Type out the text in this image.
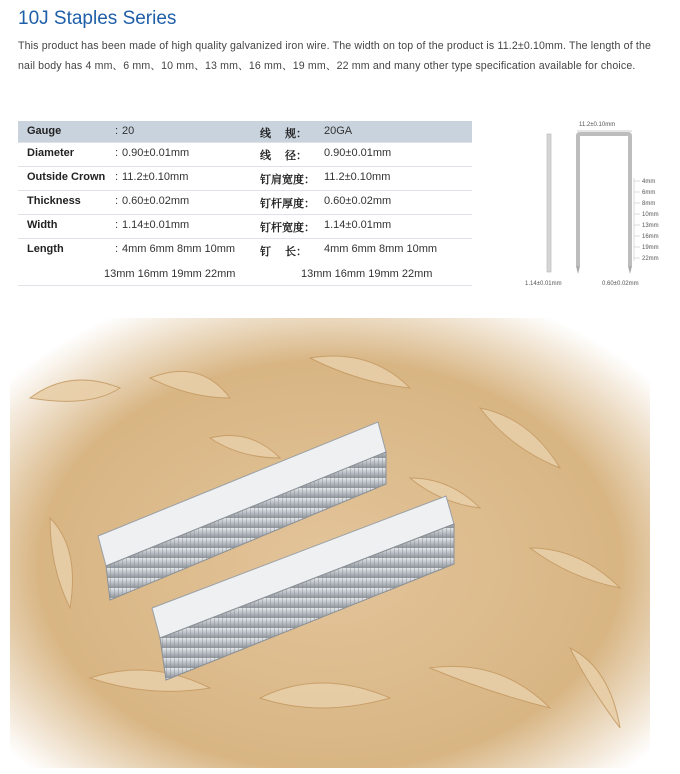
10J Staples Series
This product has been made of high quality galvanized iron wire. The width on top of the product is 11.2±0.10mm. The length of the nail body has 4 mm、6 mm、10 mm、13 mm、16 mm、19 mm、22 mm and many other type specification available for choice.
Gauge	: 20	线　 规： 20GA
Diameter	: 0.90±0.01mm	线　 径： 0.90±0.01mm
Outside Crown : 11.2±0.10mm	钉肩宽度： 11.2±0.10mm
Thickness	: 0.60±0.02mm	钉杆厚度： 0.60±0.02mm
Width	: 1.14±0.01mm	钉杆宽度： 1.14±0.01mm
Length	: 4mm 6mm 8mm 10mm 钉　 长： 4mm 6mm 8mm 10mm
13mm 16mm 19mm 22mm	13mm 16mm 19mm 22mm
1.14±0.01mm
11.2±0.10mm
0.60±0.02mm
4mm
6mm
8mm
10mm
13mm
16mm
19mm
22mm
